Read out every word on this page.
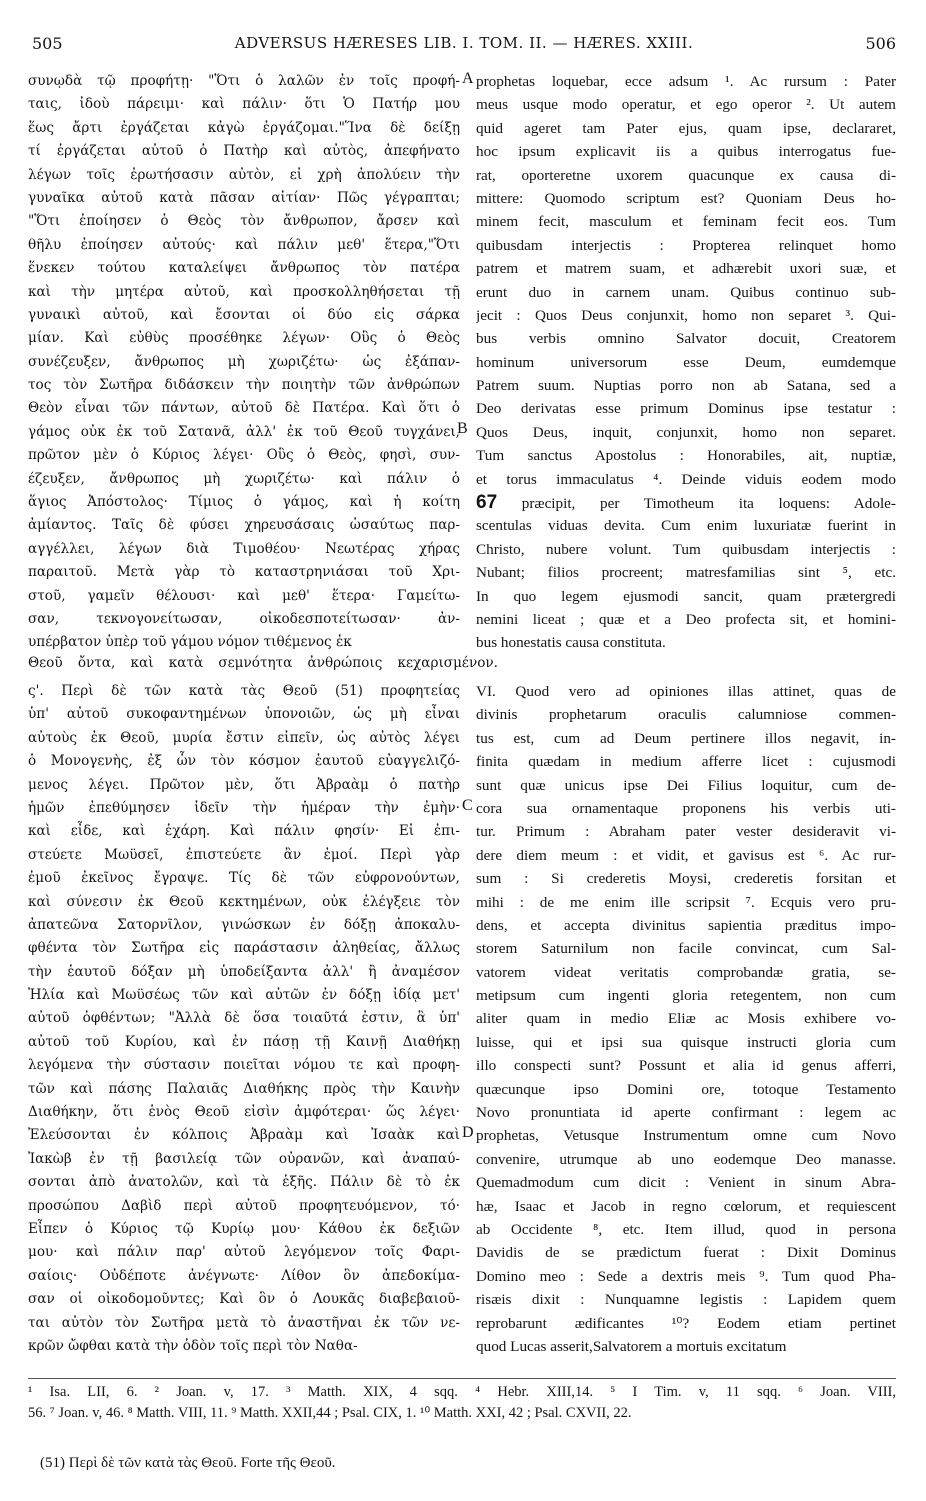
505	ADVERSUS HÆRESES LIB. I. TOM. II. — HÆRES. XXIII.	506
συνῳδὰ τῷ προφήτῃ· "Ὅτι ὁ λαλῶν ἐν τοῖς προφή-
ταις, ἰδοὺ πάρειμι· καὶ πάλιν· ὅτι Ὁ Πατήρ μου
ἕως ἄρτι ἐργάζεται κἀγὼ ἐργάζομαι."Ἵνα δὲ δείξῃ
τί ἐργάζεται αὐτοῦ ὁ Πατὴρ καὶ αὐτὸς, ἀπεφήνατο
λέγων τοῖς ἐρωτήσασιν αὐτὸν, εἰ χρὴ ἀπολύειν τὴν
γυναῖκα αὐτοῦ κατὰ πᾶσαν αἰτίαν· Πῶς γέγραπται;
"Ὅτι ἐποίησεν ὁ Θεὸς τὸν ἄνθρωπον, ἄρσεν καὶ
θῆλυ ἐποίησεν αὐτούς· καὶ πάλιν μεθ' ἕτερα,"Ὅτι
ἕνεκεν τούτου καταλείψει ἄνθρωπος τὸν πατέρα
καὶ τὴν μητέρα αὐτοῦ, καὶ προσκολληθήσεται τῇ
γυναικὶ αὐτοῦ, καὶ ἔσονται οἱ δύο εἰς σάρκα
μίαν. Καὶ εὐθὺς προσέθηκε λέγων· Οὓς ὁ Θεὸς
συνέζευξεν, ἄνθρωπος μὴ χωριζέτω· ὡς ἐξάπαν-
τος τὸν Σωτῆρα διδάσκειν τὴν ποιητὴν τῶν ἀνθρώπων
Θεὸν εἶναι τῶν πάντων, αὐτοῦ δὲ Πατέρα. Καὶ ὅτι ὁ
γάμος οὐκ ἐκ τοῦ Σατανᾶ, ἀλλ' ἐκ τοῦ Θεοῦ τυγχάνει,
πρῶτον μὲν ὁ Κύριος λέγει· Οὓς ὁ Θεὸς, φησὶ, συν-
έζευξεν, ἄνθρωπος μὴ χωριζέτω· καὶ πάλιν ὁ
ἅγιος Ἀπόστολος· Τίμιος ὁ γάμος, καὶ ἡ κοίτη
ἀμίαντος. Ταῖς δὲ φύσει χηρευσάσαις ὡσαύτως παρ-
αγγέλλει, λέγων διὰ Τιμοθέου· Νεωτέρας χήρας
παραιτοῦ. Μετὰ γὰρ τὸ καταστρηνιάσαι τοῦ Χρι-
στοῦ, γαμεῖν θέλουσι· καὶ μεθ' ἕτερα· Γαμείτω-
σαν, τεκνογονείτωσαν, οἰκοδεσποτείτωσαν· ἀν-
υπέρβατον ὑπὲρ τοῦ γάμου νόμον τιθέμενος ἐκ
Θεοῦ ὄντα, καὶ κατὰ σεμνότητα ἀνθρώποις κεχαρισμένον.
ς'. Περὶ δὲ τῶν κατὰ τὰς Θεοῦ (51) προφητείας
ὑπ' αὐτοῦ συκοφαντημένων ὑπονοιῶν, ὡς μὴ εἶναι
αὐτοὺς ἐκ Θεοῦ, μυρία ἔστιν εἰπεῖν, ὡς αὐτὸς λέγει
ὁ Μονογενὴς, ἐξ ὧν τὸν κόσμον ἑαυτοῦ εὐαγγελιζό-
μενος λέγει. Πρῶτον μὲν, ὅτι Ἀβραὰμ ὁ πατὴρ
ἡμῶν ἐπεθύμησεν ἰδεῖν τὴν ἡμέραν τὴν ἐμὴν·
καὶ εἶδε, καὶ ἐχάρη. Καὶ πάλιν φησίν· Εἰ ἐπι-
στεύετε Μωϋσεῖ, ἐπιστεύετε ἂν ἐμοί. Περὶ γὰρ
ἐμοῦ ἐκεῖνος ἔγραψε. Τίς δὲ τῶν εὐφρονούντων,
καὶ σύνεσιν ἐκ Θεοῦ κεκτημένων, οὐκ ἐλέγξειε τὸν
ἀπατεῶνα Σατορνῖλον, γινώσκων ἐν δόξῃ ἀποκαλυ-
φθέντα τὸν Σωτῆρα εἰς παράστασιν ἀληθείας, ἄλλως
τὴν ἑαυτοῦ δόξαν μὴ ὑποδείξαντα ἀλλ' ἢ ἀναμέσον
Ἠλία καὶ Μωϋσέως τῶν καὶ αὐτῶν ἐν δόξῃ ἰδίᾳ μετ'
αὐτοῦ ὀφθέντων; "Ἀλλὰ δὲ ὅσα τοιαῦτά ἐστιν, ἃ ὑπ'
αὐτοῦ τοῦ Κυρίου, καὶ ἐν πάσῃ τῇ Καινῇ Διαθήκῃ
λεγόμενα τὴν σύστασιν ποιεῖται νόμου τε καὶ προφη-
τῶν καὶ πάσης Παλαιᾶς Διαθήκης πρὸς τὴν Καινὴν
Διαθήκην, ὅτι ἑνὸς Θεοῦ εἰσὶν ἀμφότεραι· ὥς λέγει·
Ἐλεύσονται ἐν κόλποις Ἀβραὰμ καὶ Ἰσαὰκ καὶ
Ἰακὼβ ἐν τῇ βασιλείᾳ τῶν οὐρανῶν, καὶ ἀναπαύ-
σονται ἀπὸ ἀνατολῶν, καὶ τὰ ἑξῆς. Πάλιν δὲ τὸ ἐκ
προσώπου Δαβὶδ περὶ αὐτοῦ προφητευόμενον, τό·
Εἶπεν ὁ Κύριος τῷ Κυρίῳ μου· Κάθου ἐκ δεξιῶν
μου· καὶ πάλιν παρ' αὐτοῦ λεγόμενον τοῖς Φαρι-
σαίοις· Οὐδέποτε ἀνέγνωτε· Λίθον ὃν ἀπεδοκίμα-
σαν οἱ οἰκοδομοῦντες; Καὶ ὃν ὁ Λουκᾶς διαβεβαιοῦ-
ται αὐτὸν τὸν Σωτῆρα μετὰ τὸ ἀναστῆναι ἐκ τῶν νε-
κρῶν ὤφθαι κατὰ τὴν ὁδὸν τοῖς περὶ τὸν Ναθα-
prophetas loquebar, ecce adsum ¹. Ac rursum : Pater
meus usque modo operatur, et ego operor ². Ut autem
quid ageret tam Pater ejus, quam ipse, declararet,
hoc ipsum explicavit iis a quibus interrogatus fue-
rat, oporteretne uxorem quacunque ex causa di-
mittere: Quomodo scriptum est? Quoniam Deus ho-
minem fecit, masculum et feminam fecit eos. Tum
quibusdam interjectis : Propterea relinquet homo
patrem et matrem suam, et adhærebit uxori suæ, et
erunt duo in carnem unam. Quibus continuo sub-
jecit : Quos Deus conjunxit, homo non separet ³. Qui-
bus verbis omnino Salvator docuit, Creatorem
hominum universorum esse Deum, eumdemque
Patrem suum. Nuptias porro non ab Satana, sed a
Deo derivatas esse primum Dominus ipse testatur :
Quos Deus, inquit, conjunxit, homo non separet.
Tum sanctus Apostolus : Honorabiles, ait, nuptiæ,
et torus immaculatus ⁴. Deinde viduis eodem modo
67 præcipit, per Timotheum ita loquens: Adole-
scentulas viduas devita. Cum enim luxuriatæ fuerint in
Christo, nubere volunt. Tum quibusdam interjectis :
Nubant; filios procreent; matresfamilias sint ⁵, etc.
In quo legem ejusmodi sancit, quam prætergredi
nemini liceat ; quæ et a Deo profecta sit, et homini-
bus honestatis causa constituta.
VI. Quod vero ad opiniones illas attinet, quas de
divinis prophetarum oraculis calumniose commen-
tus est, cum ad Deum pertinere illos negavit, in-
finita quædam in medium afferre licet : cujusmodi
sunt quæ unicus ipse Dei Filius loquitur, cum de-
cora sua ornamentaque proponens his verbis uti-
tur. Primum : Abraham pater vester desideravit vi-
dere diem meum : et vidit, et gavisus est ⁶. Ac rur-
sum : Si crederetis Moysi, crederetis forsitan et
mihi : de me enim ille scripsit ⁷. Ecquis vero pru-
dens, et accepta divinitus sapientia præditus impo-
storem Saturnilum non facile convincat, cum Sal-
vatorem videat veritatis comprobandæ gratia, se-
metipsum cum ingenti gloria retegentem, non cum
aliter quam in medio Eliæ ac Mosis exhibere vo-
luisse, qui et ipsi sua quisque instructi gloria cum
illo conspecti sunt? Possunt et alia id genus afferri,
quæcunque ipso Domini ore, totoque Testamento
Novo pronuntiata id aperte confirmant : legem ac
prophetas, Vetusque Instrumentum omne cum Novo
convenire, utrumque ab uno eodemque Deo manasse.
Quemadmodum cum dicit : Venient in sinum Abra-
hæ, Isaac et Jacob in regno cœlorum, et requiescent
ab Occidente ⁸, etc. Item illud, quod in persona
Davidis de se prædictum fuerat : Dixit Dominus
Domino meo : Sede a dextris meis ⁹. Tum quod Pha-
risæis dixit : Nunquamne legistis : Lapidem quem
reprobarunt ædificantes ¹⁰? Eodem etiam pertinet
quod Lucas asserit,Salvatorem a mortuis excitatum
A
B
C
D
¹ Isa. LII, 6. ² Joan. v, 17. ³ Matth. XIX, 4 sqq. ⁴ Hebr. XIII,14. ⁵ I Tim. v, 11 sqq. ⁶ Joan. VIII,
56. ⁷ Joan. v, 46. ⁸ Matth. VIII, 11. ⁹ Matth. XXII,44 ; Psal. CIX, 1. ¹⁰ Matth. XXI, 42 ; Psal. CXVII, 22.
(51) Περὶ δὲ τῶν κατὰ τὰς Θεοῦ. Forte τῆς Θεοῦ.
